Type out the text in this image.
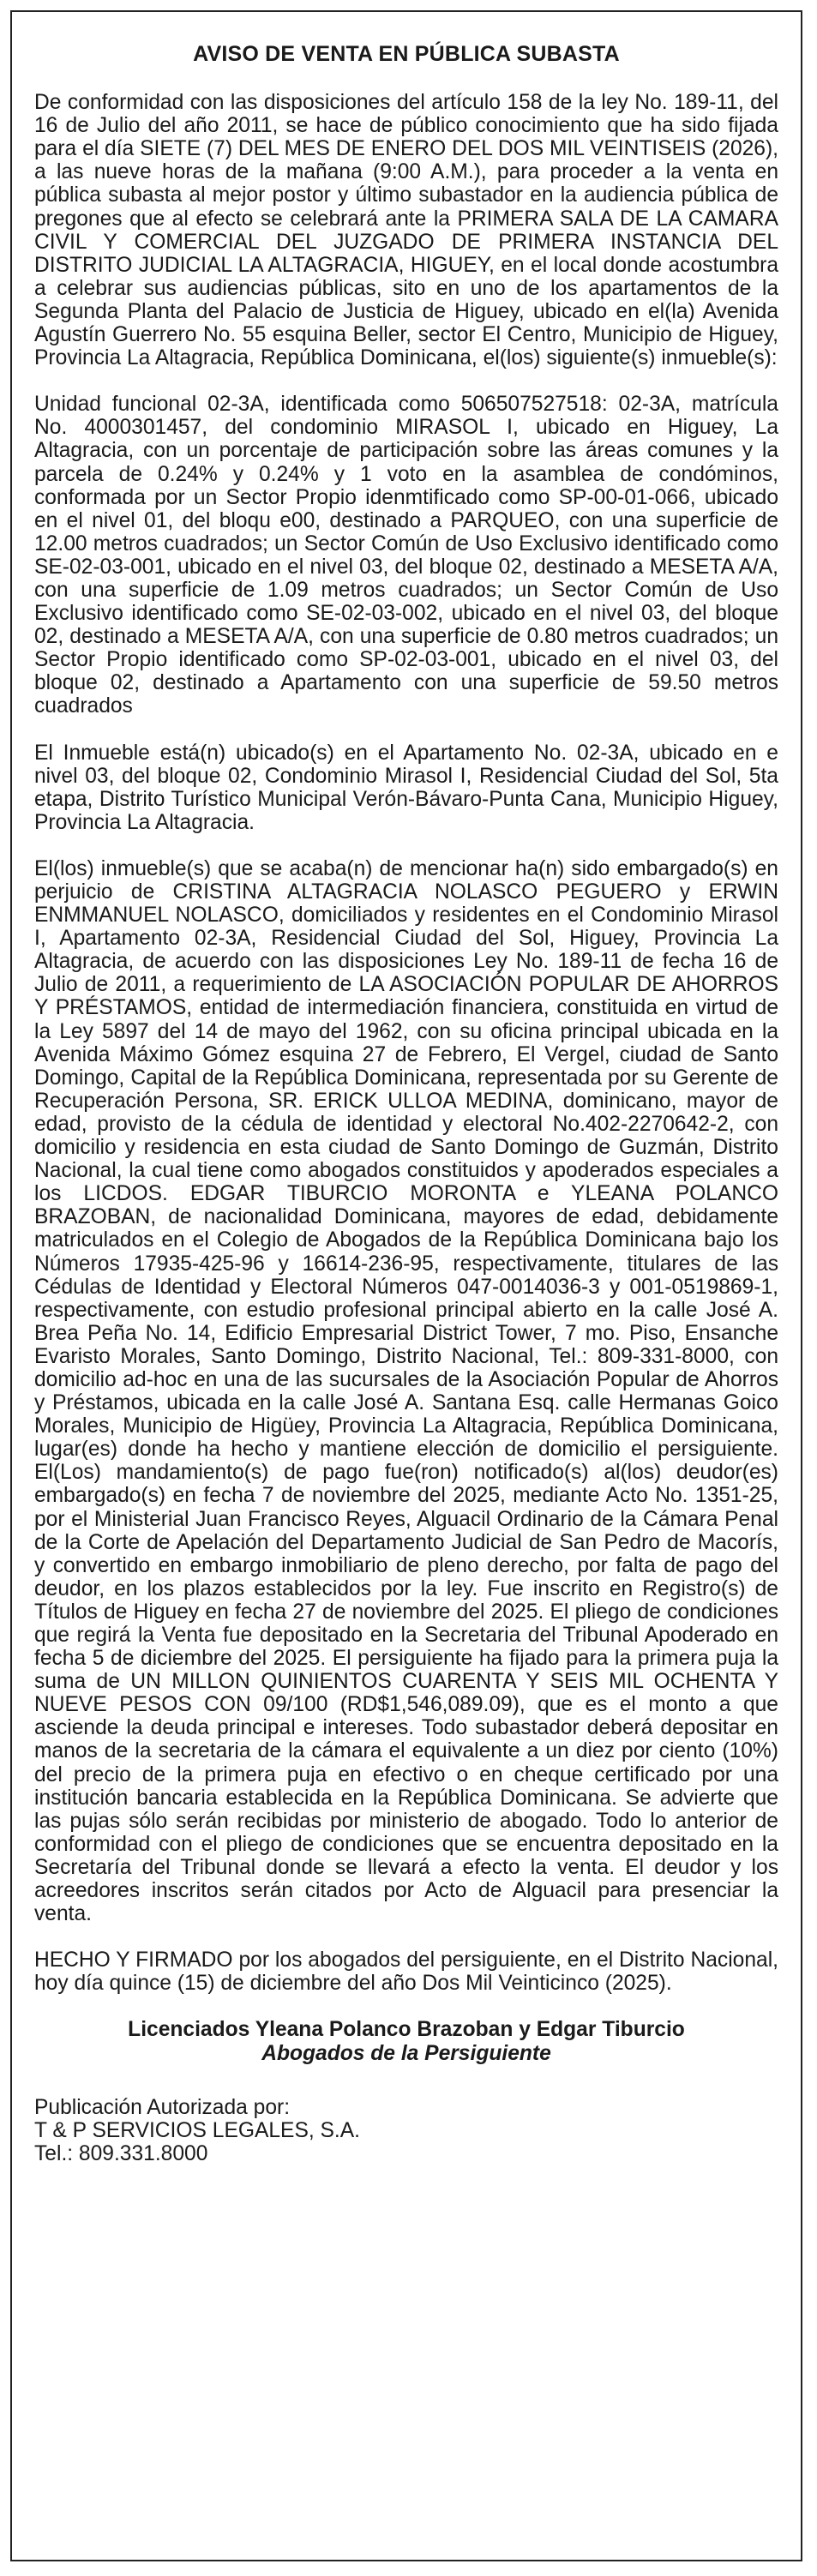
AVISO DE VENTA EN PÚBLICA SUBASTA

De conformidad con las disposiciones del artículo 158 de la ley No. 189-11, del 16 de Julio del año 2011, se hace de público conocimiento que ha sido fijada para el día SIETE (7) DEL MES DE ENERO DEL DOS MIL VEINTISEIS (2026), a las nueve horas de la mañana (9:00 A.M.), para proceder a la venta en pública subasta al mejor postor y último subastador en la audiencia pública de pregones que al efecto se celebrará ante la PRIMERA SALA DE LA CAMARA CIVIL Y COMERCIAL DEL JUZGADO DE PRIMERA INSTANCIA DEL DISTRITO JUDICIAL LA ALTAGRACIA, HIGUEY, en el local donde acostumbra a celebrar sus audiencias públicas, sito en uno de los apartamentos de la Segunda Planta del Palacio de Justicia de Higuey, ubicado en el(la) Avenida Agustín Guerrero No. 55 esquina Beller, sector El Centro, Municipio de Higuey, Provincia La Altagracia, República Dominicana, el(los) siguiente(s) inmueble(s):

Unidad funcional 02-3A, identificada como 506507527518: 02-3A, matrícula No. 4000301457, del condominio MIRASOL I, ubicado en Higuey, La Altagracia, con un porcentaje de participación sobre las áreas comunes y la parcela de 0.24% y 0.24% y 1 voto en la asamblea de condóminos, conformada por un Sector Propio idenmtificado como SP-00-01-066, ubicado en el nivel 01, del bloqu e00, destinado a PARQUEO, con una superficie de 12.00 metros cuadrados; un Sector Común de Uso Exclusivo identificado como SE-02-03-001, ubicado en el nivel 03, del bloque 02, destinado a MESETA A/A, con una superficie de 1.09 metros cuadrados; un Sector Común de Uso Exclusivo identificado como SE-02-03-002, ubicado en el nivel 03, del bloque 02, destinado a MESETA A/A, con una superficie de 0.80 metros cuadrados; un Sector Propio identificado como SP-02-03-001, ubicado en el nivel 03, del bloque 02, destinado a Apartamento con una superficie de 59.50 metros cuadrados

El Inmueble está(n) ubicado(s) en el Apartamento No. 02-3A, ubicado en e nivel 03, del bloque 02, Condominio Mirasol I, Residencial Ciudad del Sol, 5ta etapa, Distrito Turístico Municipal Verón-Bávaro-Punta Cana, Municipio Higuey, Provincia La Altagracia.

El(los) inmueble(s) que se acaba(n) de mencionar ha(n) sido embargado(s) en perjuicio de CRISTINA ALTAGRACIA NOLASCO PEGUERO y ERWIN ENMMANUEL NOLASCO, domiciliados y residentes en el Condominio Mirasol I, Apartamento 02-3A, Residencial Ciudad del Sol, Higuey, Provincia La Altagracia, de acuerdo con las disposiciones Ley No. 189-11 de fecha 16 de Julio de 2011, a requerimiento de LA ASOCIACIÓN POPULAR DE AHORROS Y PRÉSTAMOS, entidad de intermediación financiera, constituida en virtud de la Ley 5897 del 14 de mayo del 1962, con su oficina principal ubicada en la Avenida Máximo Gómez esquina 27 de Febrero, El Vergel, ciudad de Santo Domingo, Capital de la República Dominicana, representada por su Gerente de Recuperación Persona, SR. ERICK ULLOA MEDINA, dominicano, mayor de edad, provisto de la cédula de identidad y electoral No.402-2270642-2, con domicilio y residencia en esta ciudad de Santo Domingo de Guzmán, Distrito Nacional, la cual tiene como abogados constituidos y apoderados especiales a los LICDOS. EDGAR TIBURCIO MORONTA e YLEANA POLANCO BRAZOBAN, de nacionalidad Dominicana, mayores de edad, debidamente matriculados en el Colegio de Abogados de la República Dominicana bajo los Números 17935-425-96 y 16614-236-95, respectivamente, titulares de las Cédulas de Identidad y Electoral Números 047-0014036-3 y 001-0519869-1, respectivamente, con estudio profesional principal abierto en la calle José A. Brea Peña No. 14, Edificio Empresarial District Tower, 7 mo. Piso, Ensanche Evaristo Morales, Santo Domingo, Distrito Nacional, Tel.: 809-331-8000, con domicilio ad-hoc en una de las sucursales de la Asociación Popular de Ahorros y Préstamos, ubicada en la calle José A. Santana Esq. calle Hermanas Goico Morales, Municipio de Higüey, Provincia La Altagracia, República Dominicana, lugar(es) donde ha hecho y mantiene elección de domicilio el persiguiente. El(Los) mandamiento(s) de pago fue(ron) notificado(s) al(los) deudor(es) embargado(s) en fecha 7 de noviembre del 2025, mediante Acto No. 1351-25, por el Ministerial Juan Francisco Reyes, Alguacil Ordinario de la Cámara Penal de la Corte de Apelación del Departamento Judicial de San Pedro de Macorís, y convertido en embargo inmobiliario de pleno derecho, por falta de pago del deudor, en los plazos establecidos por la ley. Fue inscrito en Registro(s) de Títulos de Higuey en fecha 27 de noviembre del 2025. El pliego de condiciones que regirá la Venta fue depositado en la Secretaria del Tribunal Apoderado en fecha 5 de diciembre del 2025. El persiguiente ha fijado para la primera puja la suma de UN MILLON QUINIENTOS CUARENTA Y SEIS MIL OCHENTA Y NUEVE PESOS CON 09/100 (RD$1,546,089.09), que es el monto a que asciende la deuda principal e intereses. Todo subastador deberá depositar en manos de la secretaria de la cámara el equivalente a un diez por ciento (10%) del precio de la primera puja en efectivo o en cheque certificado por una institución bancaria establecida en la República Dominicana. Se advierte que las pujas sólo serán recibidas por ministerio de abogado. Todo lo anterior de conformidad con el pliego de condiciones que se encuentra depositado en la Secretaría del Tribunal donde se llevará a efecto la venta. El deudor y los acreedores inscritos serán citados por Acto de Alguacil para presenciar la venta.

HECHO Y FIRMADO por los abogados del persiguiente, en el Distrito Nacional, hoy día quince (15) de diciembre del año Dos Mil Veinticinco (2025).

Licenciados Yleana Polanco Brazoban y Edgar Tiburcio
Abogados de la Persiguiente
Publicación Autorizada por:
T & P SERVICIOS LEGALES, S.A.
Tel.: 809.331.8000
